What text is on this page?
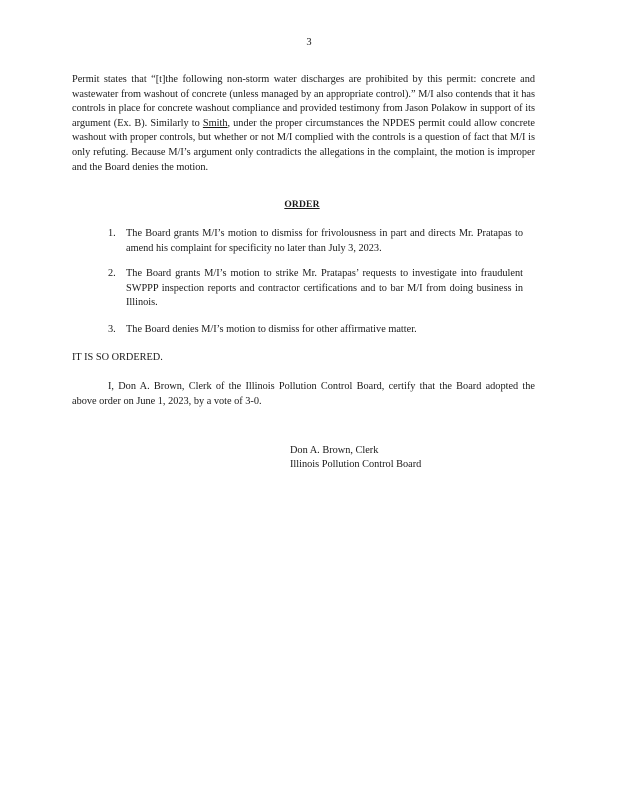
3
Permit states that “[t]the following non-storm water discharges are prohibited by this permit: concrete and wastewater from washout of concrete (unless managed by an appropriate control).” M/I also contends that it has controls in place for concrete washout compliance and provided testimony from Jason Polakow in support of its argument (Ex. B). Similarly to Smith, under the proper circumstances the NPDES permit could allow concrete washout with proper controls, but whether or not M/I complied with the controls is a question of fact that M/I is only refuting. Because M/I’s argument only contradicts the allegations in the complaint, the motion is improper and the Board denies the motion.
ORDER
1. The Board grants M/I’s motion to dismiss for frivolousness in part and directs Mr. Pratapas to amend his complaint for specificity no later than July 3, 2023.
2. The Board grants M/I’s motion to strike Mr. Pratapas’ requests to investigate into fraudulent SWPPP inspection reports and contractor certifications and to bar M/I from doing business in Illinois.
3. The Board denies M/I’s motion to dismiss for other affirmative matter.
IT IS SO ORDERED.
I, Don A. Brown, Clerk of the Illinois Pollution Control Board, certify that the Board adopted the above order on June 1, 2023, by a vote of 3-0.
Don A. Brown, Clerk
Illinois Pollution Control Board
